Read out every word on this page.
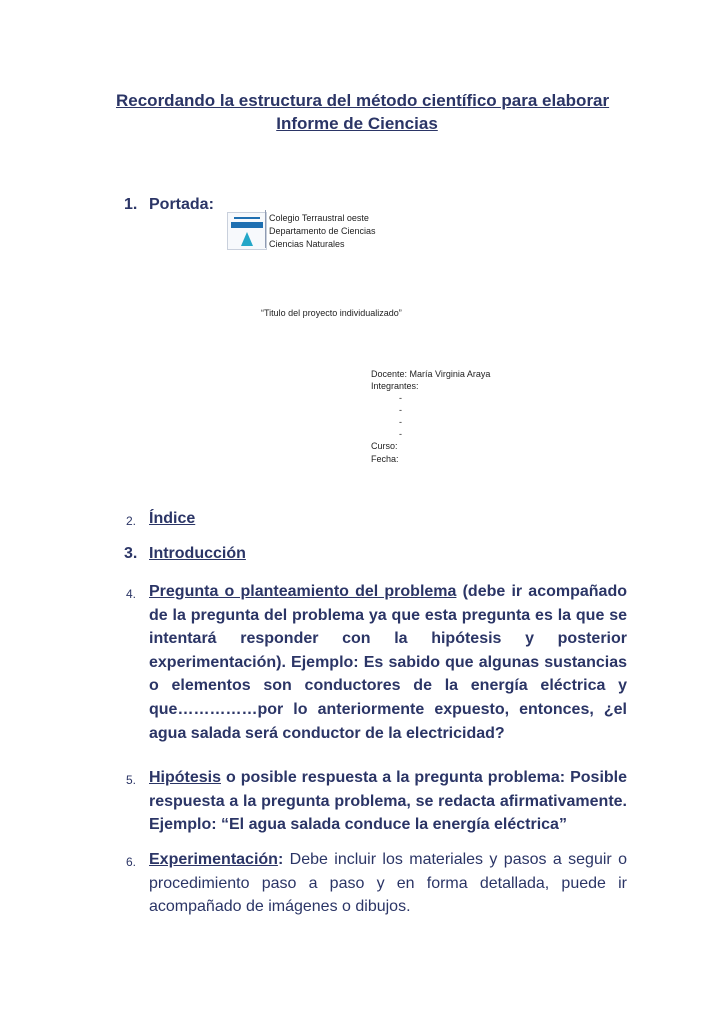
Recordando la estructura del método científico para elaborar
Informe de Ciencias
1. Portada:
Colegio Terraustral oeste
Departamento de Ciencias
Ciencias Naturales
“Titulo del proyecto individualizado”
Docente: María Virginia Araya
Integrantes:
-
-
-
-
Curso:
Fecha:
2. Índice
3. Introducción
4. Pregunta o planteamiento del problema (debe ir acompañado de la pregunta del problema ya que esta pregunta es la que se intentará responder con la hipótesis y posterior experimentación). Ejemplo: Es sabido que algunas sustancias o elementos son conductores de la energía eléctrica y que……………por lo anteriormente expuesto, entonces, ¿el agua salada será conductor de la electricidad?
5. Hipótesis o posible respuesta a la pregunta problema: Posible respuesta a la pregunta problema, se redacta afirmativamente. Ejemplo: “El agua salada conduce la energía eléctrica”
6. Experimentación: Debe incluir los materiales y pasos a seguir o procedimiento paso a paso y en forma detallada, puede ir acompañado de imágenes o dibujos.
